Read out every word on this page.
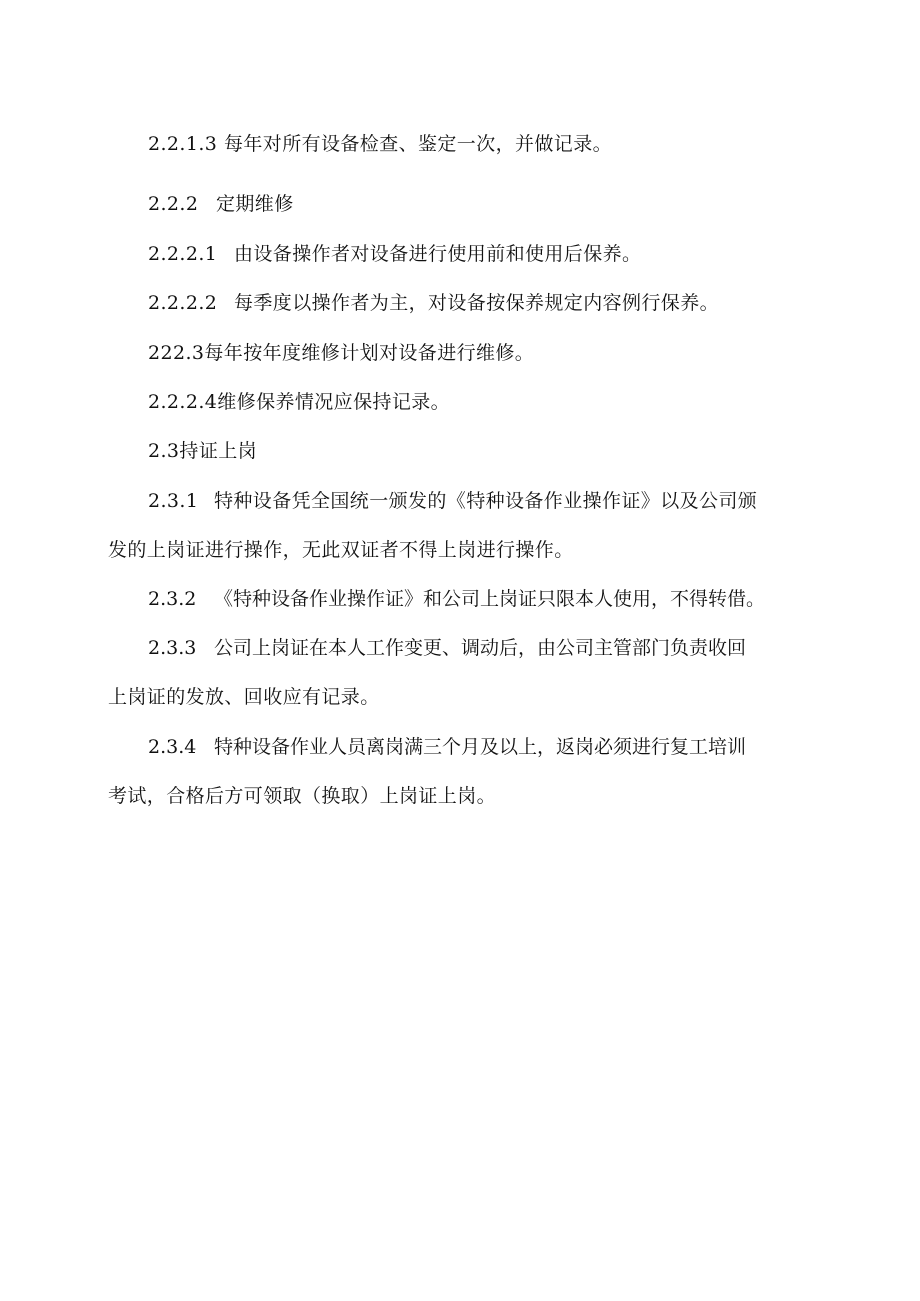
2.2.1.3 每年对所有设备检查、鉴定一次，并做记录。
2.2.2 定期维修
2.2.2.1 由设备操作者对设备进行使用前和使用后保养。
2.2.2.2 每季度以操作者为主，对设备按保养规定内容例行保养。
222.3每年按年度维修计划对设备进行维修。
2.2.2.4维修保养情况应保持记录。
2.3持证上岗
2.3.1 特种设备凭全国统一颁发的《特种设备作业操作证》以及公司颁
发的上岗证进行操作，无此双证者不得上岗进行操作。
2.3.2 《特种设备作业操作证》和公司上岗证只限本人使用，不得转借。
2.3.3 公司上岗证在本人工作变更、调动后，由公司主管部门负责收回
上岗证的发放、回收应有记录。
2.3.4 特种设备作业人员离岗满三个月及以上，返岗必须进行复工培训
考试，合格后方可领取（换取）上岗证上岗。
